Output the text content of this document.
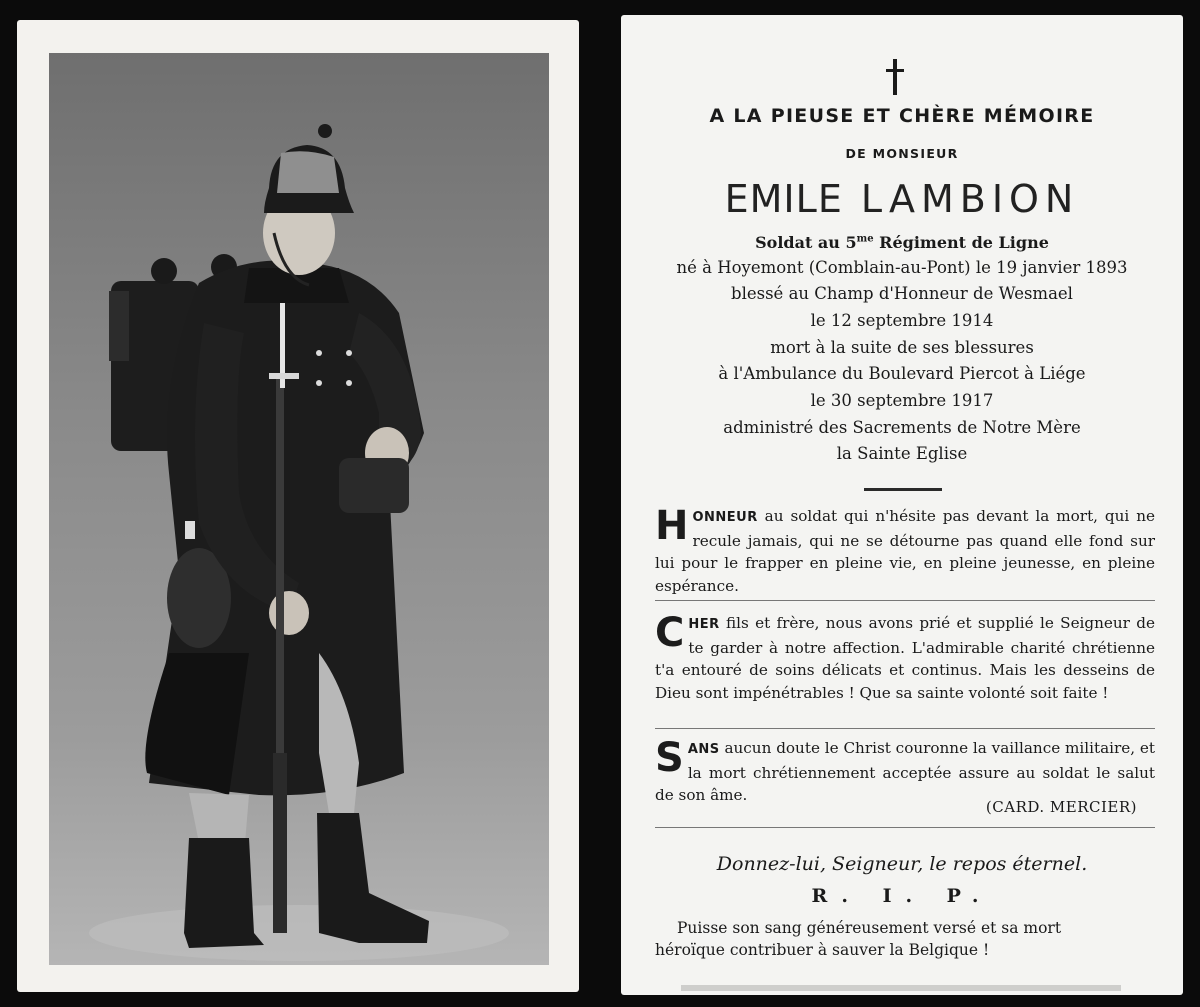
A LA PIEUSE ET CHÈRE MÉMOIRE
DE MONSIEUR
EMILE LAMBION
Soldat au $5^{me}$ Régiment de Ligne
né à Hoyemont (Comblain-au-Pont) le 19 janvier 1893
blessé au Champ d'Honneur de Wesmael
le 12 septembre 1914
mort à la suite de ses blessures
à l'Ambulance du Boulevard Piercot à Liége
le 30 septembre 1917
administré des Sacrements de Notre Mère
la Sainte Eglise
HONNEUR au soldat qui n'hésite pas devant la mort, qui ne recule jamais, qui ne se détourne pas quand elle fond sur lui pour le frapper en pleine vie, en pleine jeunesse, en pleine espérance.
CHER fils et frère, nous avons prié et supplié le Seigneur de te garder à notre affection. L'admirable charité chrétienne t'a entouré de soins délicats et continus. Mais les desseins de Dieu sont impénétrables ! Que sa sainte volonté soit faite !
SANS aucun doute le Christ couronne la vaillance militaire, et la mort chrétiennement acceptée assure au soldat le salut de son âme.
(CARD. MERCIER)
Donnez-lui, Seigneur, le repos éternel.
R. I. P.
Puisse son sang généreusement versé et sa mort
héroïque contribuer à sauver la Belgique !
